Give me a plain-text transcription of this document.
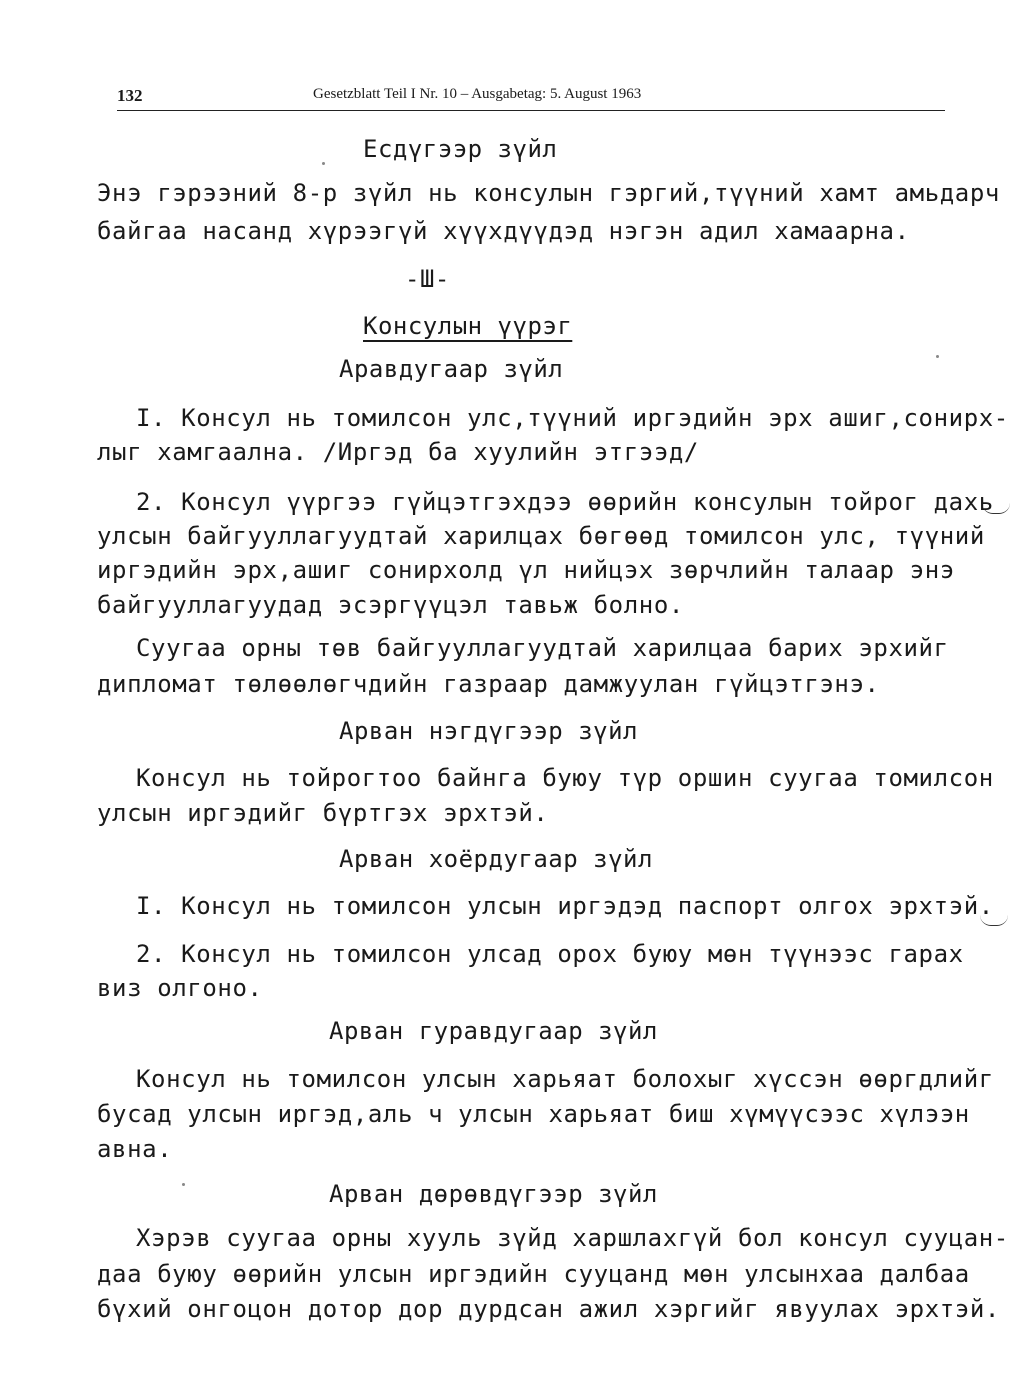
132	Gesetzblatt Teil I Nr. 10 – Ausgabetag: 5. August 1963
Есдүгээр зүйл
Энэ гэрээний 8-р зүйл нь консулын гэргий,түүний хамт амьдарч
байгаа насанд хүрээгүй хүүхдүүдэд нэгэн адил хамаарна.
-Ш-
Консулын үүрэг
Аравдугаар зүйл
I. Консул нь томилсон улс,түүний иргэдийн эрх ашиг,сонирх-
лыг хамгаална. /Иргэд ба хуулийн этгээд/
2. Консул үүргээ гүйцэтгэхдээ өөрийн консулын тойрог дахь
улсын байгууллагуудтай харилцах бөгөөд томилсон улс, түүний
иргэдийн эрх,ашиг сонирхолд үл нийцэх зөрчлийн талаар энэ
байгууллагуудад эсэргүүцэл тавьж болно.
Суугаа орны төв байгууллагуудтай харилцаа барих эрхийг
дипломат төлөөлөгчдийн газраар дамжуулан гүйцэтгэнэ.
Арван нэгдүгээр зүйл
Консул нь тойрогтоо байнга буюу түр оршин суугаа томилсон
улсын иргэдийг бүртгэх эрхтэй.
Арван хоёрдугаар зүйл
I. Консул нь томилсон улсын иргэдэд паспорт олгох эрхтэй.
2. Консул нь томилсон улсад орох буюу мөн түүнээс гарах
виз олгоно.
Арван гуравдугаар зүйл
Консул нь томилсон улсын харьяат болохыг хүссэн өөргдлийг
бусад улсын иргэд,аль ч улсын харьяат биш хүмүүсээс хүлээн
авна.
Арван дөрөвдүгээр зүйл
Хэрэв суугаа орны хууль зүйд харшлахгүй бол консул сууцан-
даа буюу өөрийн улсын иргэдийн сууцанд мөн улсынхаа далбаа
бүхий онгоцон дотор дор дурдсан ажил хэргийг явуулах эрхтэй.
